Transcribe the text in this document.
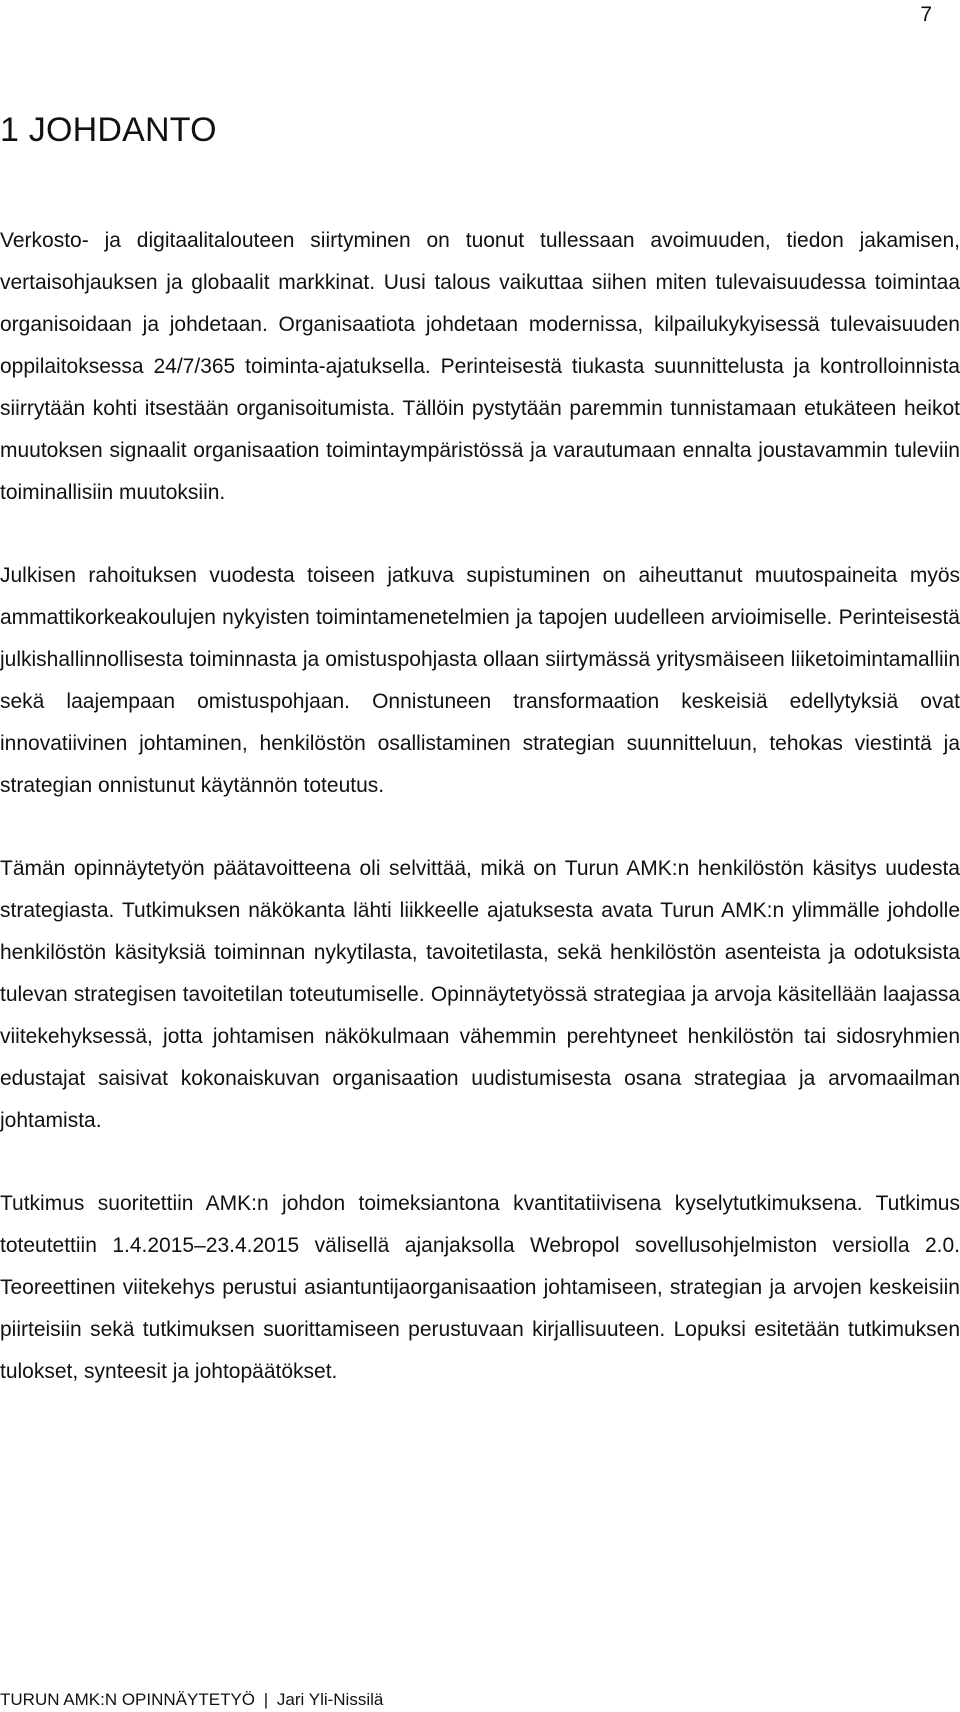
7
1 JOHDANTO

Verkosto- ja digitaalitalouteen siirtyminen on tuonut tullessaan avoimuuden, tiedon jakamisen, vertaisohjauksen ja globaalit markkinat. Uusi talous vaikuttaa siihen miten tulevaisuudessa toimintaa organisoidaan ja johdetaan. Organisaatiota johdetaan modernissa, kilpailukykyisessä tulevaisuuden oppilaitoksessa 24/7/365 toiminta-ajatuksella. Perinteisestä tiukasta suunnittelusta ja kontrolloinnista siirrytään kohti itsestään organisoitumista. Tällöin pystytään paremmin tunnistamaan etukäteen heikot muutoksen signaalit organisaation toimintaympäristössä ja varautumaan ennalta joustavammin tuleviin toiminallisiin muutoksiin.

Julkisen rahoituksen vuodesta toiseen jatkuva supistuminen on aiheuttanut muutospaineita myös ammattikorkeakoulujen nykyisten toimintamenetelmien ja tapojen uudelleen arvioimiselle. Perinteisestä julkishallinnollisesta toiminnasta ja omistuspohjasta ollaan siirtymässä yritysmäiseen liiketoimintamalliin sekä laajempaan omistuspohjaan. Onnistuneen transformaation keskeisiä edellytyksiä ovat innovatiivinen johtaminen, henkilöstön osallistaminen strategian suunnitteluun, tehokas viestintä ja strategian onnistunut käytännön toteutus.

Tämän opinnäytetyön päätavoitteena oli selvittää, mikä on Turun AMK:n henkilöstön käsitys uudesta strategiasta. Tutkimuksen näkökanta lähti liikkeelle ajatuksesta avata Turun AMK:n ylimmälle johdolle henkilöstön käsityksiä toiminnan nykytilasta, tavoitetilasta, sekä henkilöstön asenteista ja odotuksista tulevan strategisen tavoitetilan toteutumiselle. Opinnäytetyössä strategiaa ja arvoja käsitellään laajassa viitekehyksessä, jotta johtamisen näkökulmaan vähemmin perehtyneet henkilöstön tai sidosryhmien edustajat saisivat kokonaiskuvan organisaation uudistumisesta osana strategiaa ja arvomaailman johtamista.

Tutkimus suoritettiin AMK:n johdon toimeksiantona kvantitatiivisena kyselytutkimuksena. Tutkimus toteutettiin 1.4.2015–23.4.2015 välisellä ajanjaksolla Webropol sovellusohjelmiston versiolla 2.0. Teoreettinen viitekehys perustui asiantuntijaorganisaation johtamiseen, strategian ja arvojen keskeisiin piirteisiin sekä tutkimuksen suorittamiseen perustuvaan kirjallisuuteen. Lopuksi esitetään tutkimuksen tulokset, synteesit ja johtopäätökset.

TURUN AMK:N OPINNÄYTETYÖ | Jari Yli-Nissilä
